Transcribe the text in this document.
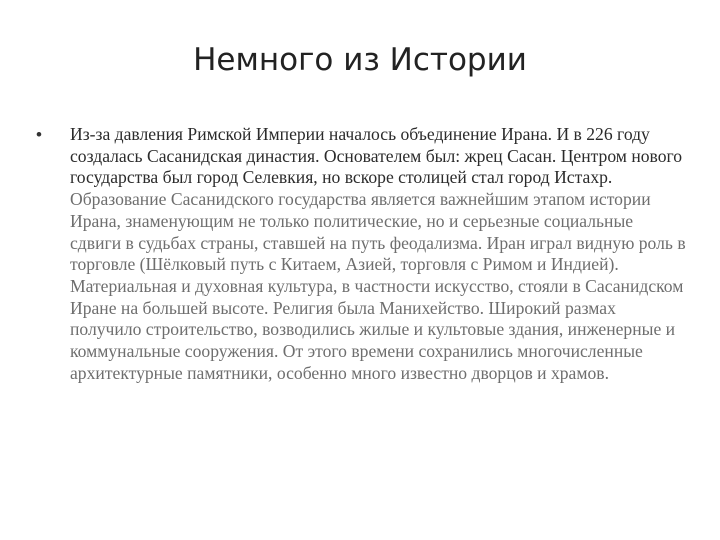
Немного из Истории
• Из-за давления Римской Империи началось объединение Ирана. И в 226 году создалась Сасанидская династия. Основателем был: жрец Сасан. Центром нового государства был город Селевкия, но вскоре столицей стал город Истахр. Образование Сасанидского государства является важнейшим этапом истории Ирана, знаменующим не только политические, но и серьезные социальные сдвиги в судьбах страны, ставшей на путь феодализма. Иран играл видную роль в торговле (Шёлковый путь с Китаем, Азией, торговля с Римом и Индией). Материальная и духовная культура, в частности искусство, стояли в Сасанидском Иране на большей высоте. Религия была Манихейство. Широкий размах получило строительство, возводились жилые и культовые здания, инженерные и коммунальные сооружения. От этого времени сохранились многочисленные архитектурные памятники, особенно много известно дворцов и храмов.
